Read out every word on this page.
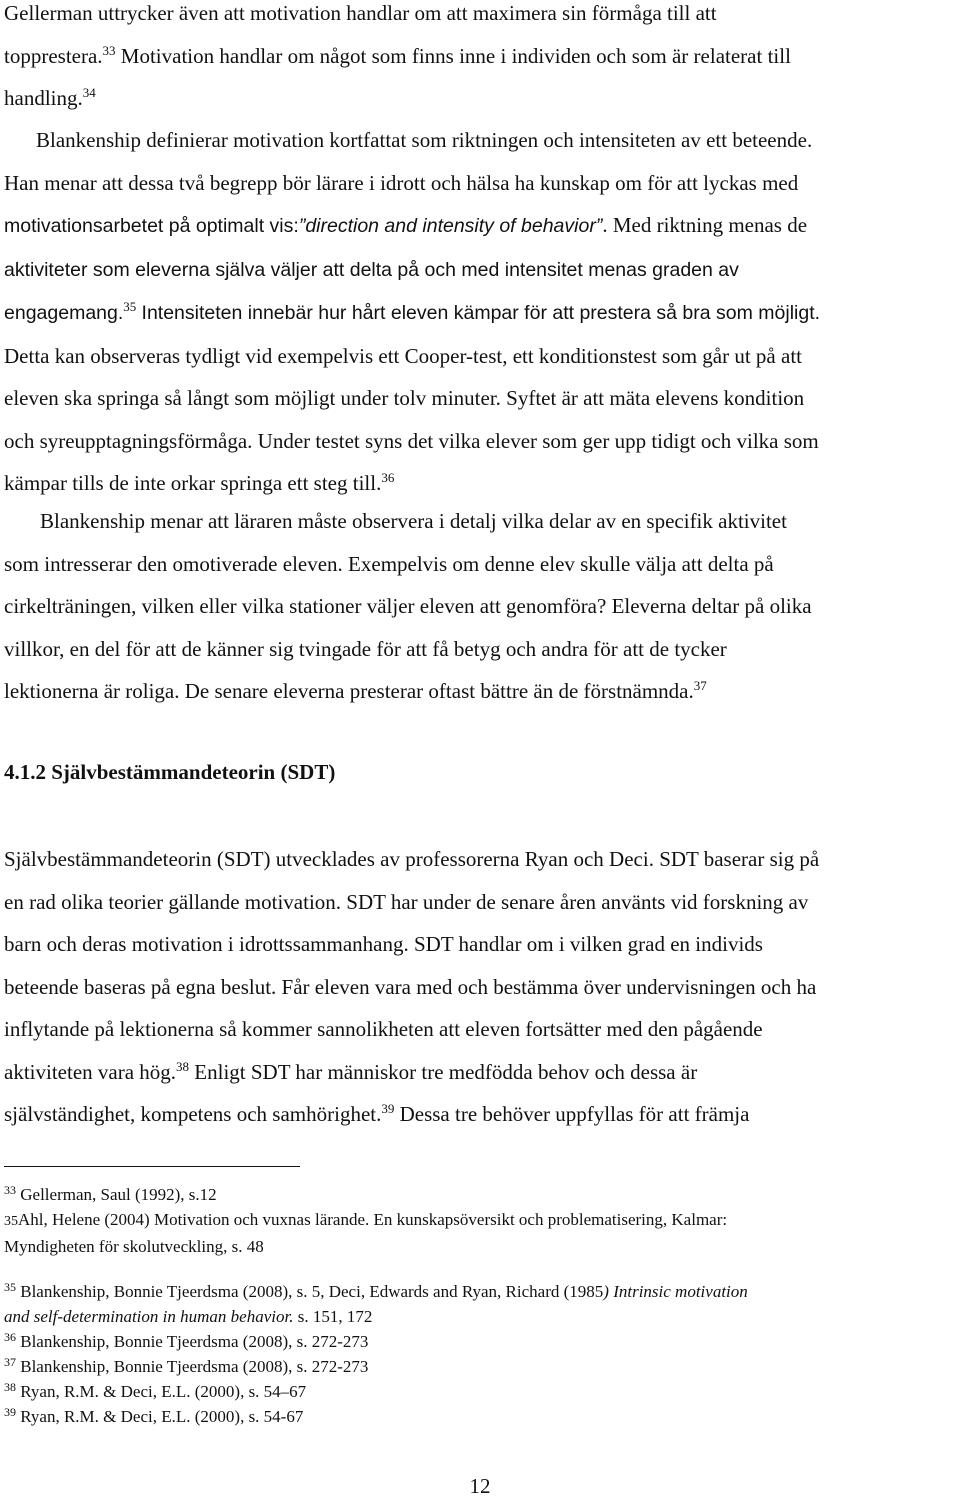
Gellerman uttrycker även att motivation handlar om att maximera sin förmåga till att
topprestera.$^{33}$ Motivation handlar om något som finns inne i individen och som är relaterat till
handling.$^{34}$

Blankenship definierar motivation kortfattat som riktningen och intensiteten av ett beteende.
Han menar att dessa två begrepp bör lärare i idrott och hälsa ha kunskap om för att lyckas med
motivationsarbetet på optimalt vis:”direction and intensity of behavior”. Med riktning menas de
aktiviteter som eleverna själva väljer att delta på och med intensitet menas graden av
engagemang.$^{35}$ Intensiteten innebär hur hårt eleven kämpar för att prestera så bra som möjligt.
Detta kan observeras tydligt vid exempelvis ett Cooper-test, ett konditionstest som går ut på att
eleven ska springa så långt som möjligt under tolv minuter. Syftet är att mäta elevens kondition
och syreupptagningsförmåga. Under testet syns det vilka elever som ger upp tidigt och vilka som
kämpar tills de inte orkar springa ett steg till.$^{36}$

Blankenship menar att läraren måste observera i detalj vilka delar av en specifik aktivitet
som intresserar den omotiverade eleven. Exempelvis om denne elev skulle välja att delta på
cirkelträningen, vilken eller vilka stationer väljer eleven att genomföra? Eleverna deltar på olika
villkor, en del för att de känner sig tvingade för att få betyg och andra för att de tycker
lektionerna är roliga. De senare eleverna presterar oftast bättre än de förstnämnda.$^{37}$

4.1.2 Självbestämmandeteorin (SDT)

Självbestämmandeteorin (SDT) utvecklades av professorerna Ryan och Deci. SDT baserar sig på
en rad olika teorier gällande motivation. SDT har under de senare åren använts vid forskning av
barn och deras motivation i idrottssammanhang. SDT handlar om i vilken grad en individs
beteende baseras på egna beslut. Får eleven vara med och bestämma över undervisningen och ha
inflytande på lektionerna så kommer sannolikheten att eleven fortsätter med den pågående
aktiviteten vara hög.$^{38}$ Enligt SDT har människor tre medfödda behov och dessa är
självständighet, kompetens och samhörighet.$^{39}$ Dessa tre behöver uppfyllas för att främja

$^{33}$ Gellerman, Saul (1992), s.12

35Ahl, Helene (2004) Motivation och vuxnas lärande. En kunskapsöversikt och problematisering, Kalmar:
Myndigheten för skolutveckling, s. 48

$^{35}$ Blankenship, Bonnie Tjeerdsma (2008), s. 5, Deci, Edwards and Ryan, Richard (1985) Intrinsic motivation
and self-determination in human behavior. s. 151, 172

$^{36}$ Blankenship, Bonnie Tjeerdsma (2008), s. 272-273

$^{37}$ Blankenship, Bonnie Tjeerdsma (2008), s. 272-273

$^{38}$ Ryan, R.M. & Deci, E.L. (2000), s. 54–67

$^{39}$ Ryan, R.M. & Deci, E.L. (2000), s. 54-67

12
